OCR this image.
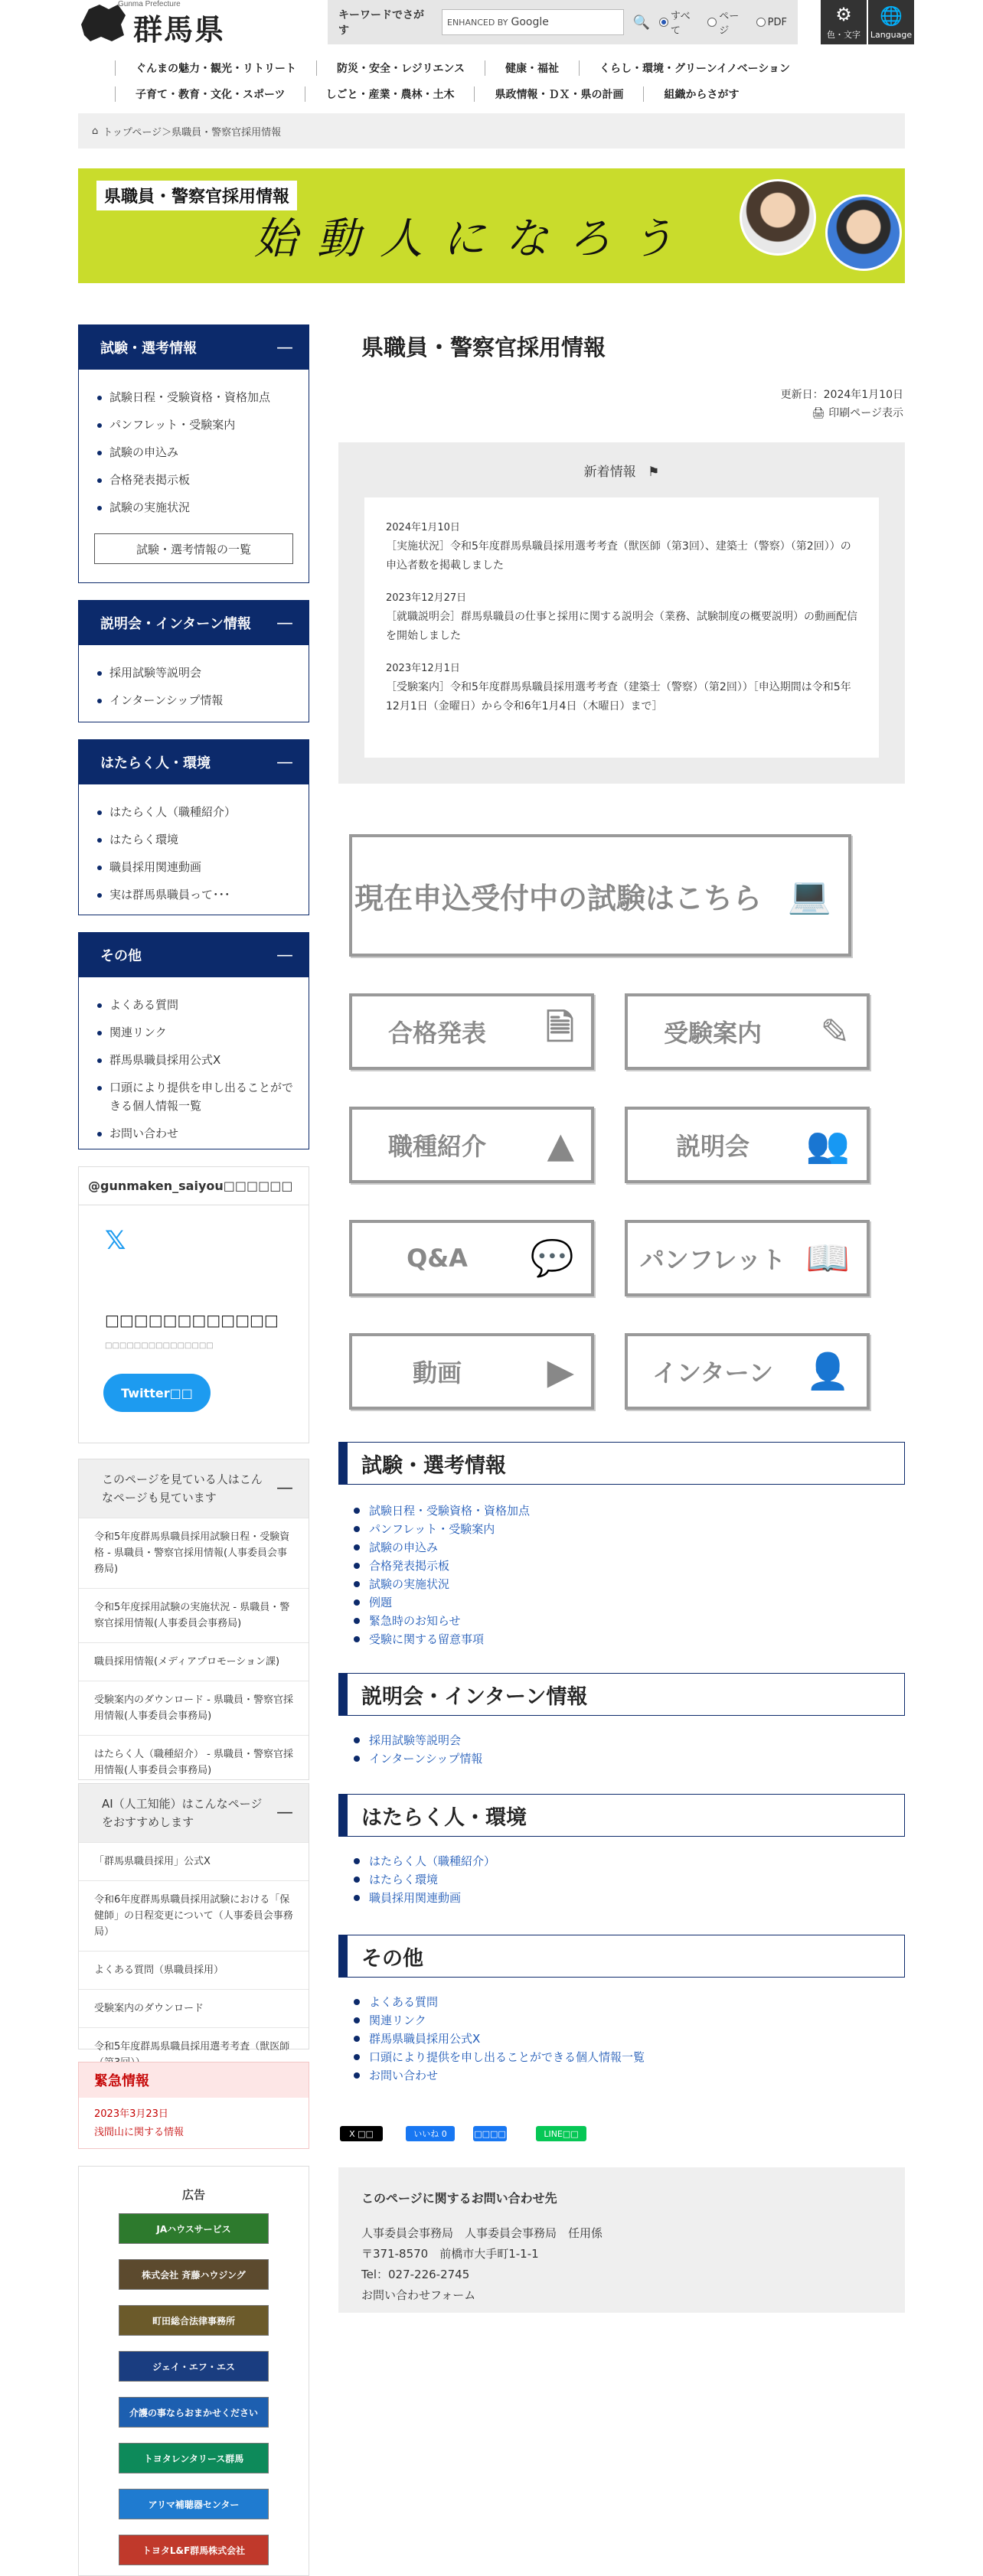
Gunma Prefecture
群馬県	キーワードでさがす
ENHANCED BY Google	🔍 すべて
ページ
PDF	⚙
色・文字
🌐
Language
ぐんまの魅力・観光・リトリート	防災・安全・レジリエンス	健康・福祉	くらし・環境・グリーンイノベーション
子育て・教育・文化・スポーツ	しごと・産業・農林・土木	県政情報・ＤＸ・県の計画	組織からさがす
⌂ トップページ＞県職員・警察官採用情報
県職員・警察官採用情報
始動人になろう
試験・選考情報	—
試験日程・受験資格・資格加点
パンフレット・受験案内
試験の申込み
合格発表掲示板
試験の実施状況
試験・選考情報の一覧
説明会・インターン情報 —
採用試験等説明会
インターンシップ情報
はたらく人・環境	—
はたらく人（職種紹介）
はたらく環境
職員採用関連動画
実は群馬県職員って･･･
その他	—
よくある質問
関連リンク
群馬県職員採用公式X
口頭により提供を申し出ることができる個人情報一覧
お問い合わせ
@gunmaken_saiyou□□□□□□
𝕏
□□□□□□□□□□□□
□□□□□□□□□□□□□□□
Twitter□□
このページを見ている人はこんなページも見ています	—
令和5年度群馬県職員採用試験日程・受験資格 - 県職員・警察官採用情報(人事委員会事務局)
令和5年度採用試験の実施状況 - 県職員・警察官採用情報(人事委員会事務局)
職員採用情報(メディアプロモーション課)
受験案内のダウンロード - 県職員・警察官採用情報(人事委員会事務局)
はたらく人（職種紹介） - 県職員・警察官採用情報(人事委員会事務局)
AI（人工知能）はこんなページをおすすめします	—
「群馬県職員採用」公式X
令和6年度群馬県職員採用試験における「保健師」の日程変更について（人事委員会事務局）
よくある質問（県職員採用）
受験案内のダウンロード
令和5年度群馬県職員採用選考考査（獣医師
緊急情報
2023年3月23日
浅間山に関する情報
広告
JAハウスサービス
株式会社 斉藤ハウジング
町田総合法律事務所
ジェイ・エフ・エス
介護の事ならおまかせください
トヨタレンタリース群馬
アリマ補聴器センター
トヨタL&F群馬株式会社
県職員・警察官採用情報
更新日：2024年1月10日
🖨 印刷ページ表示
新着情報 ⚑
2024年1月10日
［実施状況］令和5年度群馬県職員採用選考考査（獣医師（第3回）、建築士（警察）（第2回））の申込者数を掲載しました
2023年12月27日
［就職説明会］群馬県職員の仕事と採用に関する説明会（業務、試験制度の概要説明）の動画配信を開始しました
2023年12月1日
［受験案内］令和5年度群馬県職員採用選考考査（建築士（警察）（第2回））［申込期間は令和5年12月1日（金曜日）から令和6年1月4日（木曜日）まで］
現在申込受付中の試験はこちら 💻
合格発表 🗎	受験案内 ✎
職種紹介 ▲	説明会 👥
Q&A 💬	パンフレット 📖
動画 ▶	インターン 👤
試験・選考情報
試験日程・受験資格・資格加点
パンフレット・受験案内
試験の申込み
合格発表掲示板
試験の実施状況
例題
緊急時のお知らせ
受験に関する留意事項
説明会・インターン情報
採用試験等説明会
インターンシップ情報
はたらく人・環境
はたらく人（職種紹介）
はたらく環境
職員採用関連動画
その他
よくある質問
関連リンク
群馬県職員採用公式X
口頭により提供を申し出ることができる個人情報一覧
お問い合わせ
X □□	いいね 0	□□□□	LINE□□
このページに関するお問い合わせ先
人事委員会事務局　人事委員会事務局　任用係
〒371-8570　前橋市大手町1-1-1
Tel：027-226-2745
お問い合わせフォーム
